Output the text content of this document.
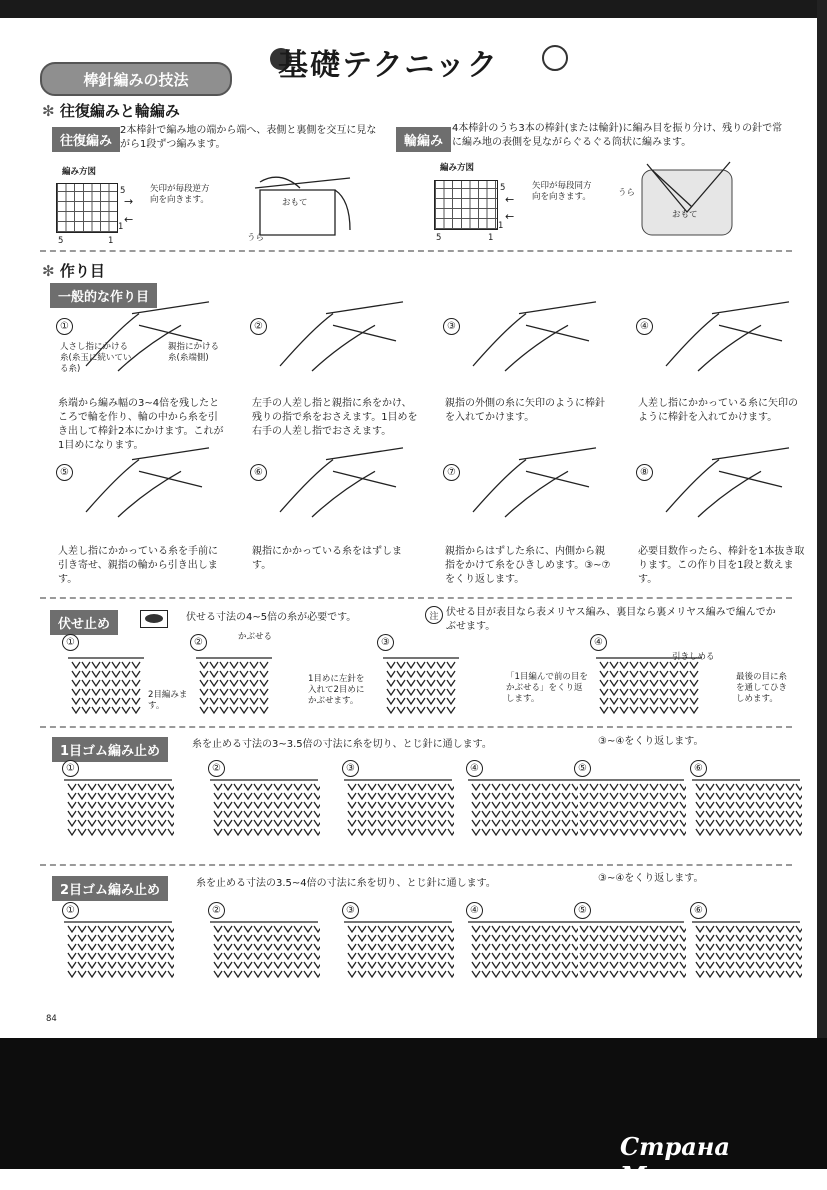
基礎テクニック
棒針編みの技法
✻ 往復編みと輪編み
往復編み
2本棒針で編み地の端から端へ、表側と裏側を交互に見ながら1段ずつ編みます。
編み方図
5
1
5	1
→
←
矢印が毎段逆方向を向きます。	おもて
うら
輪編み
4本棒針のうち3本の棒針(または輪針)に編み目を振り分け、残りの針で常に編み地の表側を見ながらぐるぐる筒状に編みます。
編み方図
5
1
5	1
←
←
矢印が毎段同方向を向きます。
おもて
うら
✻ 作り目
一般的な作り目
人さし指にかける糸(糸玉に続いている糸)
親指にかける糸(糸端側)
①
糸端から編み幅の3~4倍を残したところで輪を作り、輪の中から糸を引き出して棒針2本にかけます。これが1目めになります。
②
左手の人差し指と親指に糸をかけ、残りの指で糸をおさえます。1目めを右手の人差し指でおさえます。
③
親指の外側の糸に矢印のように棒針を入れてかけます。
④
人差し指にかかっている糸に矢印のように棒針を入れてかけます。
⑤
人差し指にかかっている糸を手前に引き寄せ、親指の輪から引き出します。
⑥
親指にかかっている糸をはずします。
⑦
親指からはずした糸に、内側から親指をかけて糸をひきしめます。③~⑦をくり返します。
⑧
必要目数作ったら、棒針を1本抜き取ります。この作り目を1段と数えます。
伏せ止め	伏せる寸法の4~5倍の糸が必要です。	注 伏せる目が表目なら表メリヤス編み、裏目なら裏メリヤス編みで編んでかぶせます。
①	②	③	④
2目編みます。
1目めに左針を入れて2目めにかぶせます。
「1目編んで前の目をかぶせる」をくり返します。
最後の目に糸を通してひきしめます。
かぶせる
引きしめる
1目ゴム編み止め	糸を止める寸法の3~3.5倍の寸法に糸を切り、とじ針に通します。	③~④をくり返します。
①	②	③	④	⑤	⑥
2目ゴム編み止め	糸を止める寸法の3.5~4倍の寸法に糸を切り、とじ針に通します。	③~④をくり返します。
①	②	③	④	⑤	⑥
84
Страна Мам.ру
